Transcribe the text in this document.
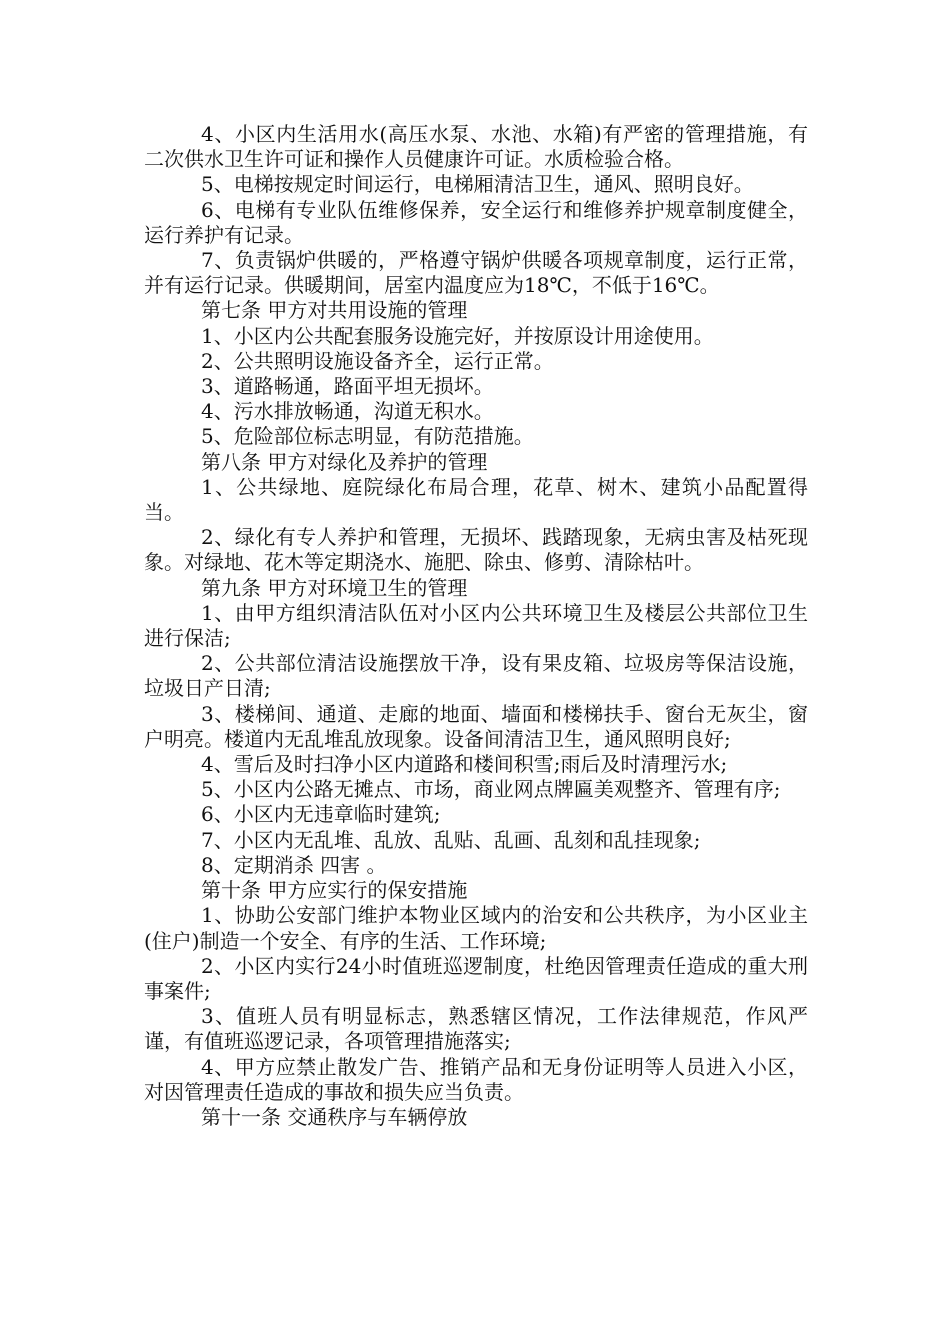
4、小区内生活用水(高压水泵、水池、水箱)有严密的管理措施，有二次供水卫生许可证和操作人员健康许可证。水质检验合格。

5、电梯按规定时间运行，电梯厢清洁卫生，通风、照明良好。

6、电梯有专业队伍维修保养，安全运行和维修养护规章制度健全，运行养护有记录。

7、负责锅炉供暖的，严格遵守锅炉供暖各项规章制度，运行正常，并有运行记录。供暖期间，居室内温度应为18℃，不低于16℃。

第七条 甲方对共用设施的管理

1、小区内公共配套服务设施完好，并按原设计用途使用。

2、公共照明设施设备齐全，运行正常。

3、道路畅通，路面平坦无损坏。

4、污水排放畅通，沟道无积水。

5、危险部位标志明显，有防范措施。

第八条 甲方对绿化及养护的管理

1、公共绿地、庭院绿化布局合理，花草、树木、建筑小品配置得当。

2、绿化有专人养护和管理，无损坏、践踏现象，无病虫害及枯死现象。对绿地、花木等定期浇水、施肥、除虫、修剪、清除枯叶。

第九条 甲方对环境卫生的管理

1、由甲方组织清洁队伍对小区内公共环境卫生及楼层公共部位卫生进行保洁;

2、公共部位清洁设施摆放干净，设有果皮箱、垃圾房等保洁设施，垃圾日产日清;

3、楼梯间、通道、走廊的地面、墙面和楼梯扶手、窗台无灰尘，窗户明亮。楼道内无乱堆乱放现象。设备间清洁卫生，通风照明良好;

4、雪后及时扫净小区内道路和楼间积雪;雨后及时清理污水;

5、小区内公路无摊点、市场，商业网点牌匾美观整齐、管理有序;

6、小区内无违章临时建筑;

7、小区内无乱堆、乱放、乱贴、乱画、乱刻和乱挂现象;

8、定期消杀 四害 。

第十条 甲方应实行的保安措施

1、协助公安部门维护本物业区域内的治安和公共秩序，为小区业主(住户)制造一个安全、有序的生活、工作环境;

2、小区内实行24小时值班巡逻制度，杜绝因管理责任造成的重大刑事案件;

3、值班人员有明显标志，熟悉辖区情况，工作法律规范，作风严谨，有值班巡逻记录，各项管理措施落实;

4、甲方应禁止散发广告、推销产品和无身份证明等人员进入小区，对因管理责任造成的事故和损失应当负责。

第十一条 交通秩序与车辆停放
